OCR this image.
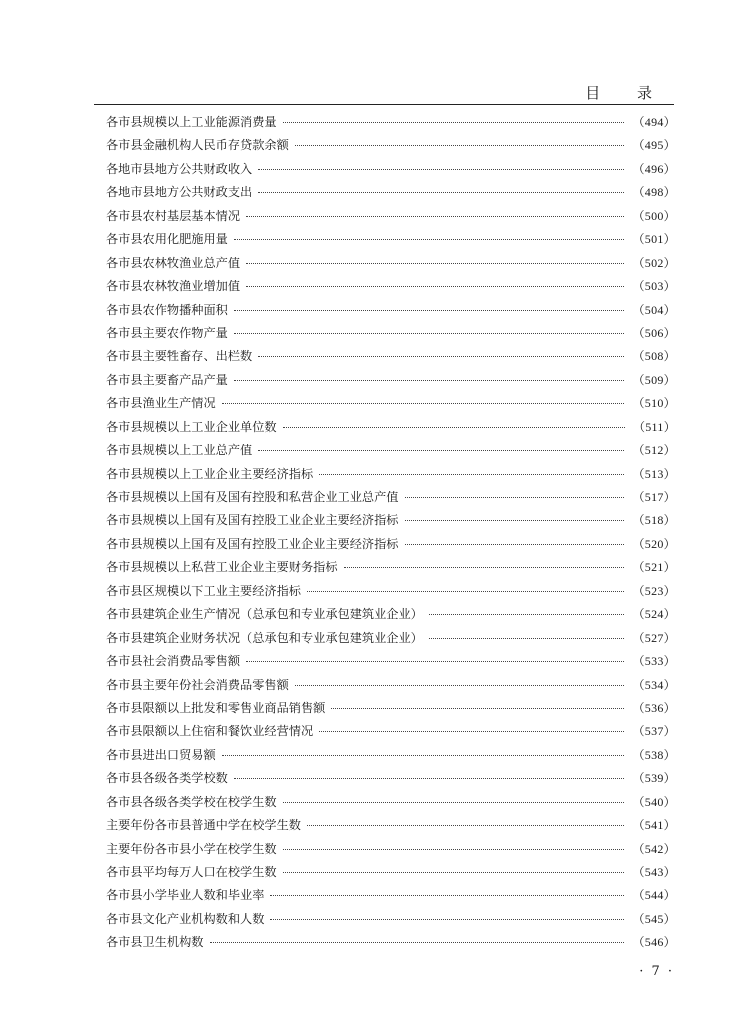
目 录
各市县规模以上工业能源消费量	（494）
各市县金融机构人民币存贷款余额	（495）
各地市县地方公共财政收入	（496）
各地市县地方公共财政支出	（498）
各市县农村基层基本情况	（500）
各市县农用化肥施用量	（501）
各市县农林牧渔业总产值	（502）
各市县农林牧渔业增加值	（503）
各市县农作物播种面积	（504）
各市县主要农作物产量	（506）
各市县主要牲畜存、出栏数	（508）
各市县主要畜产品产量	（509）
各市县渔业生产情况	（510）
各市县规模以上工业企业单位数	（511）
各市县规模以上工业总产值	（512）
各市县规模以上工业企业主要经济指标	（513）
各市县规模以上国有及国有控股和私营企业工业总产值	（517）
各市县规模以上国有及国有控股工业企业主要经济指标	（518）
各市县规模以上国有及国有控股工业企业主要经济指标	（520）
各市县规模以上私营工业企业主要财务指标	（521）
各市县区规模以下工业主要经济指标	（523）
各市县建筑企业生产情况（总承包和专业承包建筑业企业）	（524）
各市县建筑企业财务状况（总承包和专业承包建筑业企业）	（527）
各市县社会消费品零售额	（533）
各市县主要年份社会消费品零售额	（534）
各市县限额以上批发和零售业商品销售额	（536）
各市县限额以上住宿和餐饮业经营情况	（537）
各市县进出口贸易额	（538）
各市县各级各类学校数	（539）
各市县各级各类学校在校学生数	（540）
主要年份各市县普通中学在校学生数	（541）
主要年份各市县小学在校学生数	（542）
各市县平均每万人口在校学生数	（543）
各市县小学毕业人数和毕业率	（544）
各市县文化产业机构数和人数	（545）
各市县卫生机构数	（546）
· 7 ·
